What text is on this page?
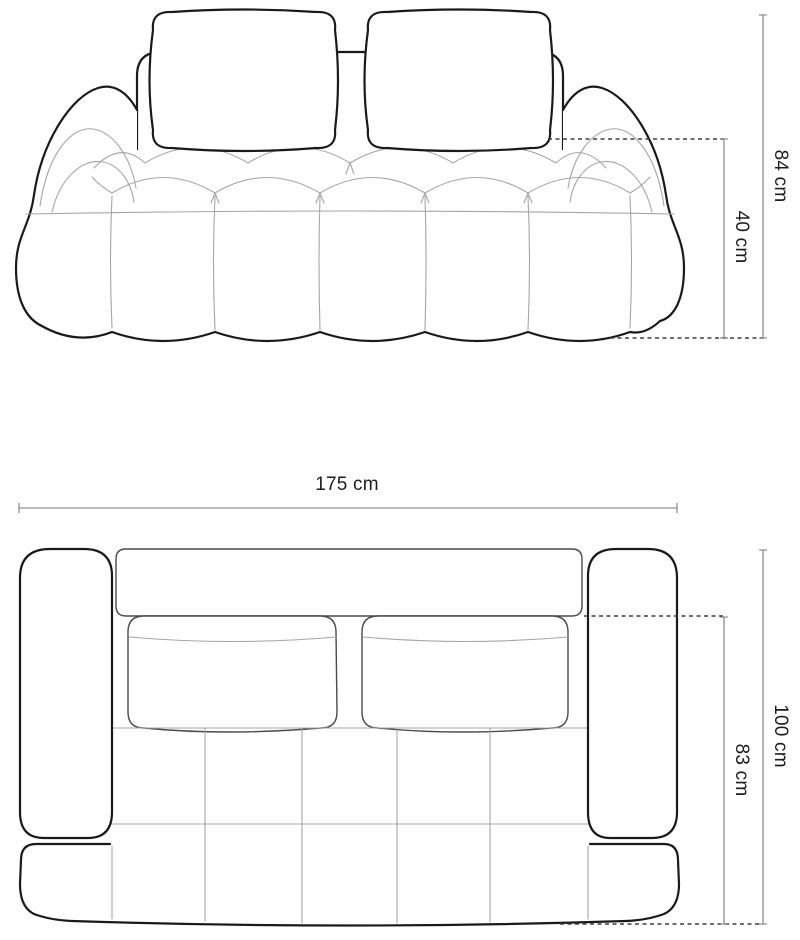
84 cm
40 cm
175 cm
100 cm
83 cm
